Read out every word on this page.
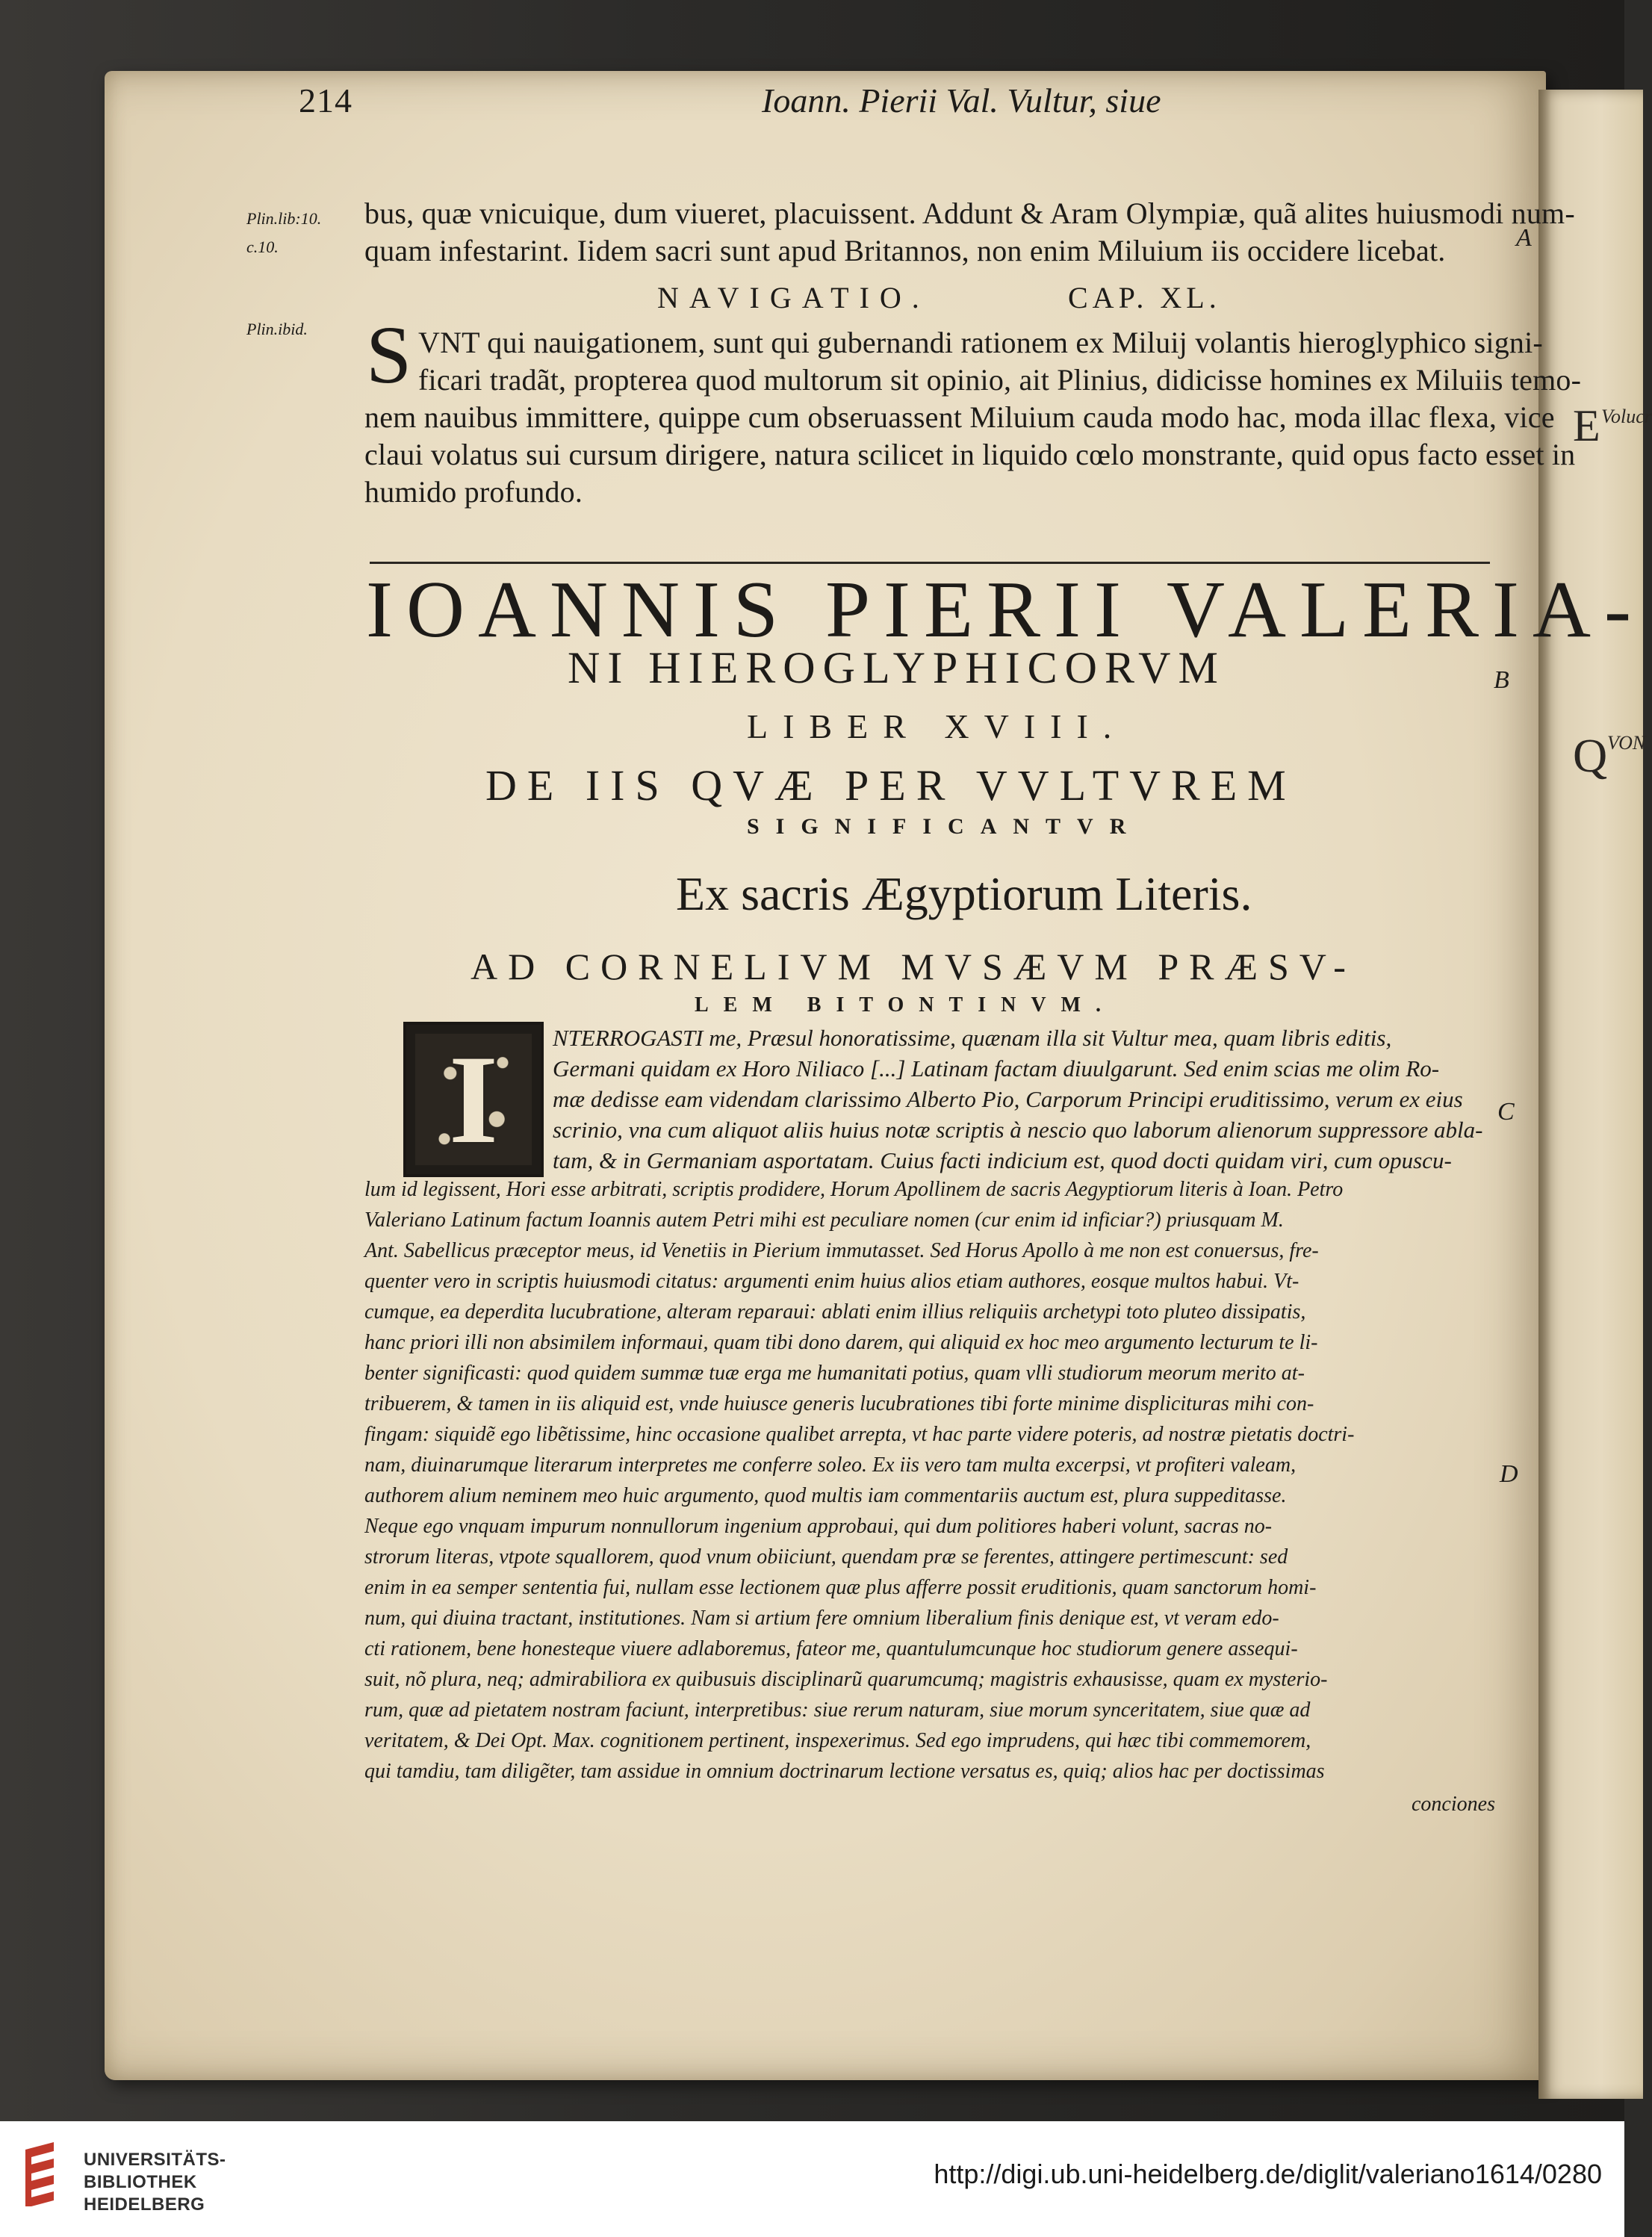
E Volucr
Q VON
214	Ioann. Pierii Val. Vultur, siue
Plin.lib:10.
c.10.
Plin.ibid.
A
B
C
D
bus, quæ vnicuique, dum viueret, placuissent. Addunt & Aram Olympiæ, quã alites huiusmodi num-
quam infestarint. Iidem sacri sunt apud Britannos, non enim Miluium iis occidere licebat.
NAVIGATIO.	CAP. XL.
S VNT qui nauigationem, sunt qui gubernandi rationem ex Miluij volantis hieroglyphico signi-
ficari tradãt, propterea quod multorum sit opinio, ait Plinius, didicisse homines ex Miluiis temo-
nem nauibus immittere, quippe cum obseruassent Miluium cauda modo hac, moda illac flexa, vice
claui volatus sui cursum dirigere, natura scilicet in liquido cœlo monstrante, quid opus facto esset in
humido profundo.
IOANNIS PIERII VALERIA-
NI HIEROGLYPHICORVM
LIBER XVIII.
DE IIS QVÆ PER VVLTVREM
SIGNIFICANTVR
Ex sacris Ægyptiorum Literis.
AD CORNELIVM MVSÆVM PRÆSV-
LEM BITONTINVM.
I	NTERROGASTI me, Præsul honoratissime, quænam illa sit Vultur mea, quam libris editis,
Germani quidam ex Horo Niliaco [...] Latinam factam diuulgarunt. Sed enim scias me olim Ro-
mæ dedisse eam videndam clarissimo Alberto Pio, Carporum Principi eruditissimo, verum ex eius
scrinio, vna cum aliquot aliis huius notæ scriptis à nescio quo laborum alienorum suppressore abla-
tam, & in Germaniam asportatam. Cuius facti indicium est, quod docti quidam viri, cum opuscu-
lum id legissent, Hori esse arbitrati, scriptis prodidere, Horum Apollinem de sacris Aegyptiorum literis à Ioan. Petro
Valeriano Latinum factum Ioannis autem Petri mihi est peculiare nomen (cur enim id inficiar?) priusquam M.
Ant. Sabellicus præceptor meus, id Venetiis in Pierium immutasset. Sed Horus Apollo à me non est conuersus, fre-
quenter vero in scriptis huiusmodi citatus: argumenti enim huius alios etiam authores, eosque multos habui. Vt-
cumque, ea deperdita lucubratione, alteram reparaui: ablati enim illius reliquiis archetypi toto pluteo dissipatis,
hanc priori illi non absimilem informaui, quam tibi dono darem, qui aliquid ex hoc meo argumento lecturum te li-
benter significasti: quod quidem summæ tuæ erga me humanitati potius, quam vlli studiorum meorum merito at-
tribuerem, & tamen in iis aliquid est, vnde huiusce generis lucubrationes tibi forte minime displicituras mihi con-
fingam: siquidẽ ego libẽtissime, hinc occasione qualibet arrepta, vt hac parte videre poteris, ad nostræ pietatis doctri-
nam, diuinarumque literarum interpretes me conferre soleo. Ex iis vero tam multa excerpsi, vt profiteri valeam,
authorem alium neminem meo huic argumento, quod multis iam commentariis auctum est, plura suppeditasse.
Neque ego vnquam impurum nonnullorum ingenium approbaui, qui dum politiores haberi volunt, sacras no-
strorum literas, vtpote squallorem, quod vnum obiiciunt, quendam præ se ferentes, attingere pertimescunt: sed
enim in ea semper sententia fui, nullam esse lectionem quæ plus afferre possit eruditionis, quam sanctorum homi-
num, qui diuina tractant, institutiones. Nam si artium fere omnium liberalium finis denique est, vt veram edo-
cti rationem, bene honesteque viuere adlaboremus, fateor me, quantulumcunque hoc studiorum genere assequi-
suit, nõ plura, neq; admirabiliora ex quibusuis disciplinarũ quarumcumq; magistris exhausisse, quam ex mysterio-
rum, quæ ad pietatem nostram faciunt, interpretibus: siue rerum naturam, siue morum synceritatem, siue quæ ad
veritatem, & Dei Opt. Max. cognitionem pertinent, inspexerimus. Sed ego imprudens, qui hæc tibi commemorem,
qui tamdiu, tam diligẽter, tam assidue in omnium doctrinarum lectione versatus es, quiq; alios hac per doctissimas
conciones
UNIVERSITÄTS-
BIBLIOTHEK
HEIDELBERG
http://digi.ub.uni-heidelberg.de/diglit/valeriano1614/0280
